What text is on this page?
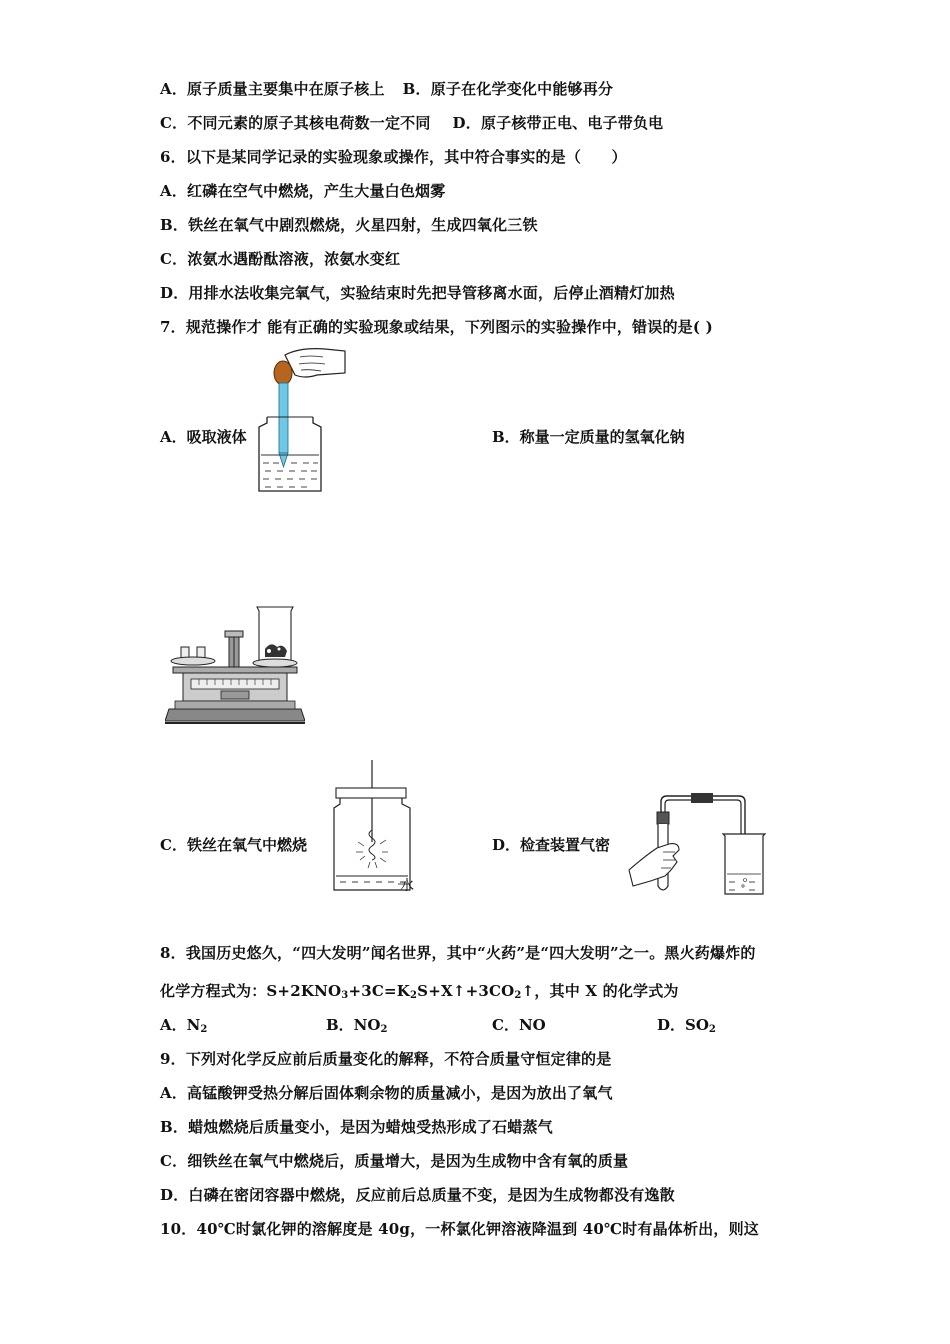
A．原子质量主要集中在原子核上 B．原子在化学变化中能够再分
C．不同元素的原子其核电荷数一定不同 D．原子核带正电、电子带负电
6．以下是某同学记录的实验现象或操作，其中符合事实的是（　　）
A．红磷在空气中燃烧，产生大量白色烟雾
B．铁丝在氧气中剧烈燃烧，火星四射，生成四氧化三铁
C．浓氨水遇酚酞溶液，浓氨水变红
D．用排水法收集完氧气，实验结束时先把导管移离水面，后停止酒精灯加热
7．规范操作才 能有正确的实验现象或结果，下列图示的实验操作中，错误的是( )
A．吸取液体	B．称量一定质量的氢氧化钠
水
C．铁丝在氧气中燃烧	D．检查装置气密
8．我国历史悠久，“四大发明”闻名世界，其中“火药”是“四大发明”之一。黑火药爆炸的
化学方程式为：$S+2KNO_3+3C=K_2S+X↑+3CO_2↑$，其中 X 的化学式为
A．$N_2$	B．$NO_2$	C．NO	D．$SO_2$
9．下列对化学反应前后质量变化的解释，不符合质量守恒定律的是
A．高锰酸钾受热分解后固体剩余物的质量减小，是因为放出了氧气
B．蜡烛燃烧后质量变小，是因为蜡烛受热形成了石蜡蒸气
C．细铁丝在氧气中燃烧后，质量增大，是因为生成物中含有氧的质量
D．白磷在密闭容器中燃烧，反应前后总质量不变，是因为生成物都没有逸散
10．40℃时氯化钾的溶解度是 40g，一杯氯化钾溶液降温到 40℃时有晶体析出，则这
